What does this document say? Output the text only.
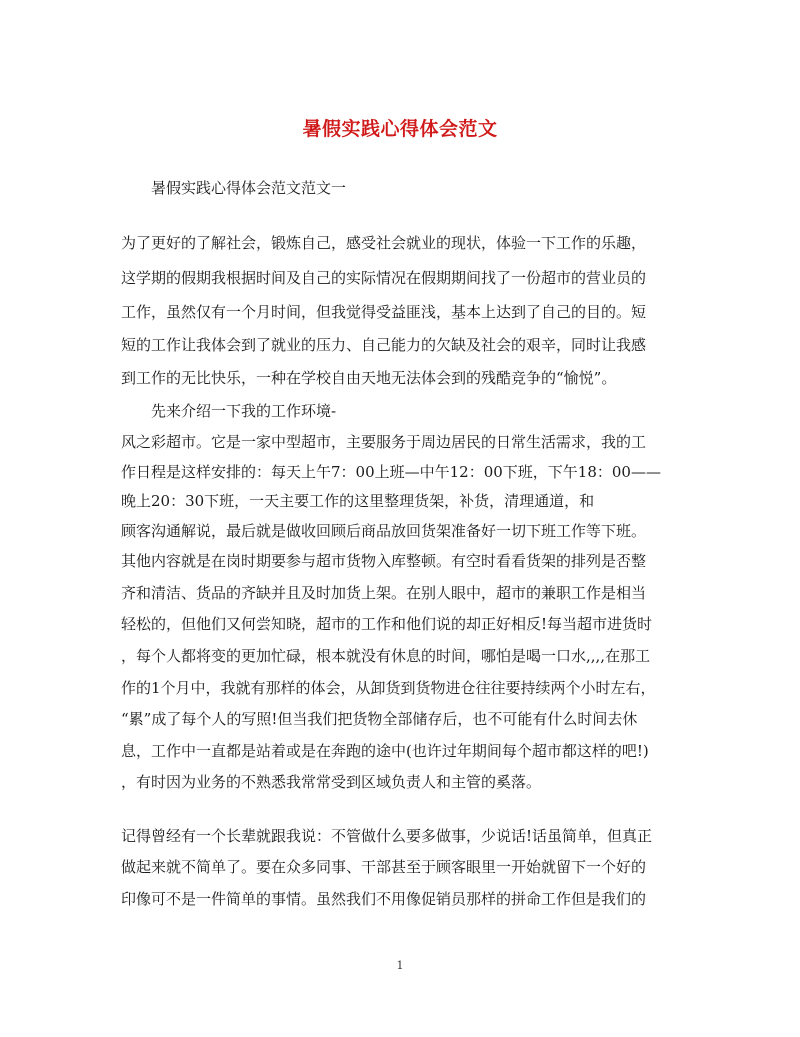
暑假实践心得体会范文
暑假实践心得体会范文范文一
为了更好的了解社会，锻炼自己，感受社会就业的现状，体验一下工作的乐趣，
这学期的假期我根据时间及自己的实际情况在假期期间找了一份超市的营业员的
工作，虽然仅有一个月时间，但我觉得受益匪浅，基本上达到了自己的目的。短
短的工作让我体会到了就业的压力、自己能力的欠缺及社会的艰辛，同时让我感
到工作的无比快乐，一种在学校自由天地无法体会到的残酷竞争的“愉悦”。
先来介绍一下我的工作环境-
风之彩超市。它是一家中型超市，主要服务于周边居民的日常生活需求，我的工
作日程是这样安排的：每天上午7：00上班—中午12：00下班，下午18：00——
晚上20：30下班，一天主要工作的这里整理货架，补货，清理通道，和
顾客沟通解说，最后就是做收回顾后商品放回货架准备好一切下班工作等下班。
其他内容就是在岗时期要参与超市货物入库整顿。有空时看看货架的排列是否整
齐和清洁、货品的齐缺并且及时加货上架。在别人眼中，超市的兼职工作是相当
轻松的，但他们又何尝知晓，超市的工作和他们说的却正好相反!每当超市进货时
，每个人都将变的更加忙碌，根本就没有休息的时间，哪怕是喝一口水,,,,在那工
作的1个月中，我就有那样的体会，从卸货到货物进仓往往要持续两个小时左右，
“累”成了每个人的写照!但当我们把货物全部储存后，也不可能有什么时间去休
息，工作中一直都是站着或是在奔跑的途中(也许过年期间每个超市都这样的吧!)
，有时因为业务的不熟悉我常常受到区域负责人和主管的奚落。
记得曾经有一个长辈就跟我说：不管做什么要多做事，少说话!话虽简单，但真正
做起来就不简单了。要在众多同事、干部甚至于顾客眼里一开始就留下一个好的
印像可不是一件简单的事情。虽然我们不用像促销员那样的拼命工作但是我们的
1
